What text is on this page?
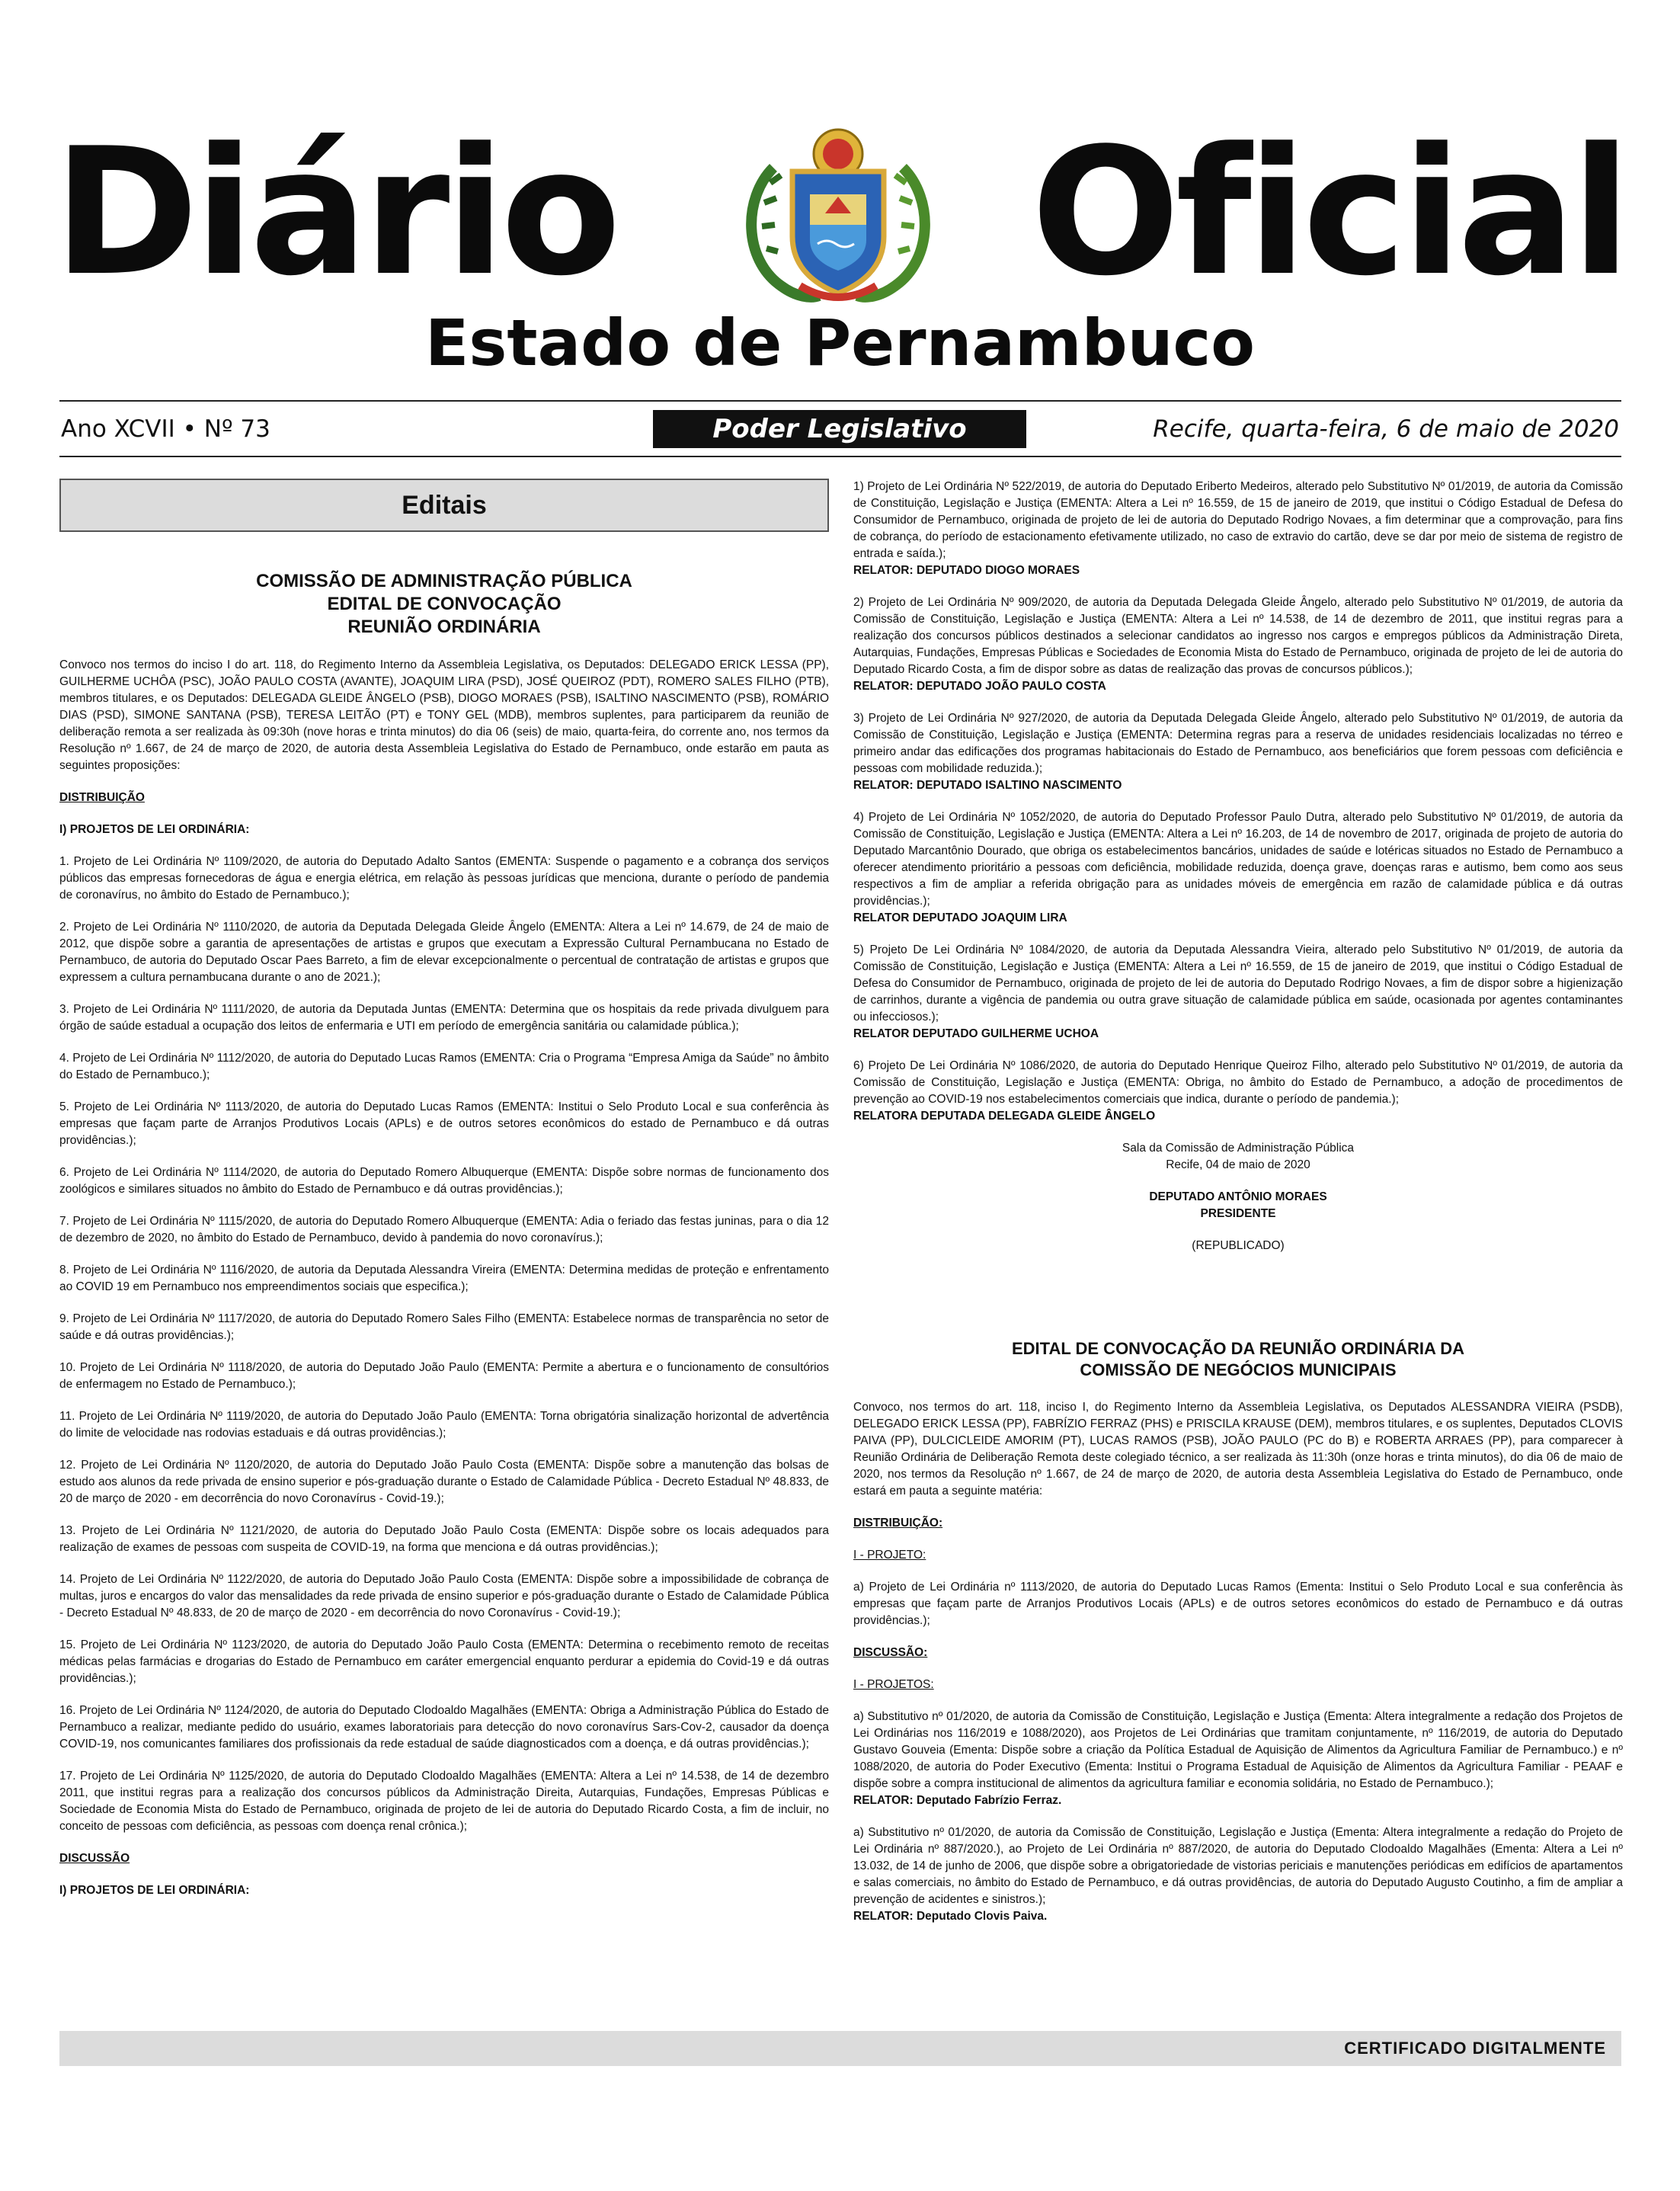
Diário Oficial
Estado de Pernambuco
Ano XCVII • Nº 73	Poder Legislativo	Recife, quarta-feira, 6 de maio de 2020
Editais
COMISSÃO DE ADMINISTRAÇÃO PÚBLICA
EDITAL DE CONVOCAÇÃO
REUNIÃO ORDINÁRIA

Convoco nos termos do inciso I do art. 118, do Regimento Interno da Assembleia Legislativa, os Deputados: DELEGADO ERICK LESSA (PP), GUILHERME UCHÔA (PSC), JOÃO PAULO COSTA (AVANTE), JOAQUIM LIRA (PSD), JOSÉ QUEIROZ (PDT), ROMERO SALES FILHO (PTB), membros titulares, e os Deputados: DELEGADA GLEIDE ÂNGELO (PSB), DIOGO MORAES (PSB), ISALTINO NASCIMENTO (PSB), ROMÁRIO DIAS (PSD), SIMONE SANTANA (PSB), TERESA LEITÃO (PT) e TONY GEL (MDB), membros suplentes, para participarem da reunião de deliberação remota a ser realizada às 09:30h (nove horas e trinta minutos) do dia 06 (seis) de maio, quarta-feira, do corrente ano, nos termos da Resolução nº 1.667, de 24 de março de 2020, de autoria desta Assembleia Legislativa do Estado de Pernambuco, onde estarão em pauta as seguintes proposições:

DISTRIBUIÇÃO

I) PROJETOS DE LEI ORDINÁRIA:

1. Projeto de Lei Ordinária Nº 1109/2020, de autoria do Deputado Adalto Santos (EMENTA: Suspende o pagamento e a cobrança dos serviços públicos das empresas fornecedoras de água e energia elétrica, em relação às pessoas jurídicas que menciona, durante o período de pandemia de coronavírus, no âmbito do Estado de Pernambuco.);

2. Projeto de Lei Ordinária Nº 1110/2020, de autoria da Deputada Delegada Gleide Ângelo (EMENTA: Altera a Lei nº 14.679, de 24 de maio de 2012, que dispõe sobre a garantia de apresentações de artistas e grupos que executam a Expressão Cultural Pernambucana no Estado de Pernambuco, de autoria do Deputado Oscar Paes Barreto, a fim de elevar excepcionalmente o percentual de contratação de artistas e grupos que expressem a cultura pernambucana durante o ano de 2021.);

3. Projeto de Lei Ordinária Nº 1111/2020, de autoria da Deputada Juntas (EMENTA: Determina que os hospitais da rede privada divulguem para órgão de saúde estadual a ocupação dos leitos de enfermaria e UTI em período de emergência sanitária ou calamidade pública.);

4. Projeto de Lei Ordinária Nº 1112/2020, de autoria do Deputado Lucas Ramos (EMENTA: Cria o Programa “Empresa Amiga da Saúde” no âmbito do Estado de Pernambuco.);

5. Projeto de Lei Ordinária Nº 1113/2020, de autoria do Deputado Lucas Ramos (EMENTA: Institui o Selo Produto Local e sua conferência às empresas que façam parte de Arranjos Produtivos Locais (APLs) e de outros setores econômicos do estado de Pernambuco e dá outras providências.);

6. Projeto de Lei Ordinária Nº 1114/2020, de autoria do Deputado Romero Albuquerque (EMENTA: Dispõe sobre normas de funcionamento dos zoológicos e similares situados no âmbito do Estado de Pernambuco e dá outras providências.);

7. Projeto de Lei Ordinária Nº 1115/2020, de autoria do Deputado Romero Albuquerque (EMENTA: Adia o feriado das festas juninas, para o dia 12 de dezembro de 2020, no âmbito do Estado de Pernambuco, devido à pandemia do novo coronavírus.);

8. Projeto de Lei Ordinária Nº 1116/2020, de autoria da Deputada Alessandra Vireira (EMENTA: Determina medidas de proteção e enfrentamento ao COVID 19 em Pernambuco nos empreendimentos sociais que especifica.);

9. Projeto de Lei Ordinária Nº 1117/2020, de autoria do Deputado Romero Sales Filho (EMENTA: Estabelece normas de transparência no setor de saúde e dá outras providências.);

10. Projeto de Lei Ordinária Nº 1118/2020, de autoria do Deputado João Paulo (EMENTA: Permite a abertura e o funcionamento de consultórios de enfermagem no Estado de Pernambuco.);

11. Projeto de Lei Ordinária Nº 1119/2020, de autoria do Deputado João Paulo (EMENTA: Torna obrigatória sinalização horizontal de advertência do limite de velocidade nas rodovias estaduais e dá outras providências.);

12. Projeto de Lei Ordinária Nº 1120/2020, de autoria do Deputado João Paulo Costa (EMENTA: Dispõe sobre a manutenção das bolsas de estudo aos alunos da rede privada de ensino superior e pós-graduação durante o Estado de Calamidade Pública - Decreto Estadual Nº 48.833, de 20 de março de 2020 - em decorrência do novo Coronavírus - Covid-19.);

13. Projeto de Lei Ordinária Nº 1121/2020, de autoria do Deputado João Paulo Costa (EMENTA: Dispõe sobre os locais adequados para realização de exames de pessoas com suspeita de COVID-19, na forma que menciona e dá outras providências.);

14. Projeto de Lei Ordinária Nº 1122/2020, de autoria do Deputado João Paulo Costa (EMENTA: Dispõe sobre a impossibilidade de cobrança de multas, juros e encargos do valor das mensalidades da rede privada de ensino superior e pós-graduação durante o Estado de Calamidade Pública - Decreto Estadual Nº 48.833, de 20 de março de 2020 - em decorrência do novo Coronavírus - Covid-19.);

15. Projeto de Lei Ordinária Nº 1123/2020, de autoria do Deputado João Paulo Costa (EMENTA: Determina o recebimento remoto de receitas médicas pelas farmácias e drogarias do Estado de Pernambuco em caráter emergencial enquanto perdurar a epidemia do Covid-19 e dá outras providências.);

16. Projeto de Lei Ordinária Nº 1124/2020, de autoria do Deputado Clodoaldo Magalhães (EMENTA: Obriga a Administração Pública do Estado de Pernambuco a realizar, mediante pedido do usuário, exames laboratoriais para detecção do novo coronavírus Sars-Cov-2, causador da doença COVID-19, nos comunicantes familiares dos profissionais da rede estadual de saúde diagnosticados com a doença, e dá outras providências.);

17. Projeto de Lei Ordinária Nº 1125/2020, de autoria do Deputado Clodoaldo Magalhães (EMENTA: Altera a Lei nº 14.538, de 14 de dezembro 2011, que institui regras para a realização dos concursos públicos da Administração Direita, Autarquias, Fundações, Empresas Públicas e Sociedade de Economia Mista do Estado de Pernambuco, originada de projeto de lei de autoria do Deputado Ricardo Costa, a fim de incluir, no conceito de pessoas com deficiência, as pessoas com doença renal crônica.);

DISCUSSÃO

I) PROJETOS DE LEI ORDINÁRIA:

1) Projeto de Lei Ordinária Nº 522/2019, de autoria do Deputado Eriberto Medeiros, alterado pelo Substitutivo Nº 01/2019, de autoria da Comissão de Constituição, Legislação e Justiça (EMENTA: Altera a Lei nº 16.559, de 15 de janeiro de 2019, que institui o Código Estadual de Defesa do Consumidor de Pernambuco, originada de projeto de lei de autoria do Deputado Rodrigo Novaes, a fim determinar que a comprovação, para fins de cobrança, do período de estacionamento efetivamente utilizado, no caso de extravio do cartão, deve se dar por meio de sistema de registro de entrada e saída.);

RELATOR: DEPUTADO DIOGO MORAES

2) Projeto de Lei Ordinária Nº 909/2020, de autoria da Deputada Delegada Gleide Ângelo, alterado pelo Substitutivo Nº 01/2019, de autoria da Comissão de Constituição, Legislação e Justiça (EMENTA: Altera a Lei nº 14.538, de 14 de dezembro de 2011, que institui regras para a realização dos concursos públicos destinados a selecionar candidatos ao ingresso nos cargos e empregos públicos da Administração Direta, Autarquias, Fundações, Empresas Públicas e Sociedades de Economia Mista do Estado de Pernambuco, originada de projeto de lei de autoria do Deputado Ricardo Costa, a fim de dispor sobre as datas de realização das provas de concursos públicos.);

RELATOR: DEPUTADO JOÃO PAULO COSTA

3) Projeto de Lei Ordinária Nº 927/2020, de autoria da Deputada Delegada Gleide Ângelo, alterado pelo Substitutivo Nº 01/2019, de autoria da Comissão de Constituição, Legislação e Justiça (EMENTA: Determina regras para a reserva de unidades residenciais localizadas no térreo e primeiro andar das edificações dos programas habitacionais do Estado de Pernambuco, aos beneficiários que forem pessoas com deficiência e pessoas com mobilidade reduzida.);

RELATOR: DEPUTADO ISALTINO NASCIMENTO

4) Projeto de Lei Ordinária Nº 1052/2020, de autoria do Deputado Professor Paulo Dutra, alterado pelo Substitutivo Nº 01/2019, de autoria da Comissão de Constituição, Legislação e Justiça (EMENTA: Altera a Lei nº 16.203, de 14 de novembro de 2017, originada de projeto de autoria do Deputado Marcantônio Dourado, que obriga os estabelecimentos bancários, unidades de saúde e lotéricas situados no Estado de Pernambuco a oferecer atendimento prioritário a pessoas com deficiência, mobilidade reduzida, doença grave, doenças raras e autismo, bem como aos seus respectivos a fim de ampliar a referida obrigação para as unidades móveis de emergência em razão de calamidade pública e dá outras providências.);

RELATOR DEPUTADO JOAQUIM LIRA

5) Projeto De Lei Ordinária Nº 1084/2020, de autoria da Deputada Alessandra Vieira, alterado pelo Substitutivo Nº 01/2019, de autoria da Comissão de Constituição, Legislação e Justiça (EMENTA: Altera a Lei nº 16.559, de 15 de janeiro de 2019, que institui o Código Estadual de Defesa do Consumidor de Pernambuco, originada de projeto de lei de autoria do Deputado Rodrigo Novaes, a fim de dispor sobre a higienização de carrinhos, durante a vigência de pandemia ou outra grave situação de calamidade pública em saúde, ocasionada por agentes contaminantes ou infecciosos.);

RELATOR DEPUTADO GUILHERME UCHOA

6) Projeto De Lei Ordinária Nº 1086/2020, de autoria do Deputado Henrique Queiroz Filho, alterado pelo Substitutivo Nº 01/2019, de autoria da Comissão de Constituição, Legislação e Justiça (EMENTA: Obriga, no âmbito do Estado de Pernambuco, a adoção de procedimentos de prevenção ao COVID-19 nos estabelecimentos comerciais que indica, durante o período de pandemia.);

RELATORA DEPUTADA DELEGADA GLEIDE ÂNGELO

Sala da Comissão de Administração Pública

Recife, 04 de maio de 2020

DEPUTADO ANTÔNIO MORAES

PRESIDENTE

(REPUBLICADO)

EDITAL DE CONVOCAÇÃO DA REUNIÃO ORDINÁRIA DA
COMISSÃO DE NEGÓCIOS MUNICIPAIS

Convoco, nos termos do art. 118, inciso I, do Regimento Interno da Assembleia Legislativa, os Deputados ALESSANDRA VIEIRA (PSDB), DELEGADO ERICK LESSA (PP), FABRÍZIO FERRAZ (PHS) e PRISCILA KRAUSE (DEM), membros titulares, e os suplentes, Deputados CLOVIS PAIVA (PP), DULCICLEIDE AMORIM (PT), LUCAS RAMOS (PSB), JOÃO PAULO (PC do B) e ROBERTA ARRAES (PP), para comparecer à Reunião Ordinária de Deliberação Remota deste colegiado técnico, a ser realizada às 11:30h (onze horas e trinta minutos), do dia 06 de maio de 2020, nos termos da Resolução nº 1.667, de 24 de março de 2020, de autoria desta Assembleia Legislativa do Estado de Pernambuco, onde estará em pauta a seguinte matéria:

DISTRIBUIÇÃO:

I - PROJETO:

a) Projeto de Lei Ordinária nº 1113/2020, de autoria do Deputado Lucas Ramos (Ementa: Institui o Selo Produto Local e sua conferência às empresas que façam parte de Arranjos Produtivos Locais (APLs) e de outros setores econômicos do estado de Pernambuco e dá outras providências.);

DISCUSSÃO:

I - PROJETOS:

a) Substitutivo nº 01/2020, de autoria da Comissão de Constituição, Legislação e Justiça (Ementa: Altera integralmente a redação dos Projetos de Lei Ordinárias nos 116/2019 e 1088/2020), aos Projetos de Lei Ordinárias que tramitam conjuntamente, nº 116/2019, de autoria do Deputado Gustavo Gouveia (Ementa: Dispõe sobre a criação da Política Estadual de Aquisição de Alimentos da Agricultura Familiar de Pernambuco.) e nº 1088/2020, de autoria do Poder Executivo (Ementa: Institui o Programa Estadual de Aquisição de Alimentos da Agricultura Familiar - PEAAF e dispõe sobre a compra institucional de alimentos da agricultura familiar e economia solidária, no Estado de Pernambuco.);

RELATOR: Deputado Fabrízio Ferraz.

a) Substitutivo nº 01/2020, de autoria da Comissão de Constituição, Legislação e Justiça (Ementa: Altera integralmente a redação do Projeto de Lei Ordinária nº 887/2020.), ao Projeto de Lei Ordinária nº 887/2020, de autoria do Deputado Clodoaldo Magalhães (Ementa: Altera a Lei nº 13.032, de 14 de junho de 2006, que dispõe sobre a obrigatoriedade de vistorias periciais e manutenções periódicas em edifícios de apartamentos e salas comerciais, no âmbito do Estado de Pernambuco, e dá outras providências, de autoria do Deputado Augusto Coutinho, a fim de ampliar a prevenção de acidentes e sinistros.);

RELATOR: Deputado Clovis Paiva.

CERTIFICADO DIGITALMENTE
